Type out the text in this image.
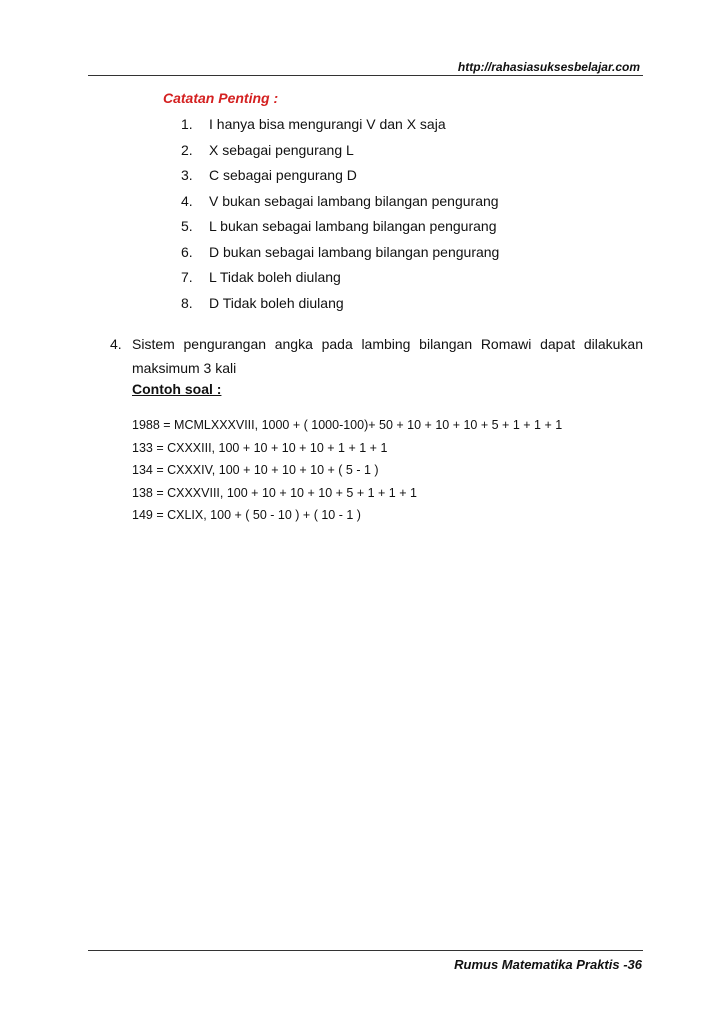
http://rahasiasuksesbelajar.com
Catatan Penting :
1. I hanya bisa mengurangi V dan X saja
2. X sebagai pengurang L
3. C sebagai pengurang D
4. V bukan sebagai lambang bilangan pengurang
5. L bukan sebagai lambang bilangan pengurang
6. D bukan sebagai lambang bilangan pengurang
7. L Tidak boleh diulang
8. D Tidak boleh diulang
4. Sistem pengurangan angka pada lambing bilangan Romawi dapat dilakukan maksimum 3 kali
Contoh soal :
1988 = MCMLXXXVIII, 1000 + ( 1000-100)+ 50 + 10 + 10 + 10 + 5 + 1 + 1 + 1
133 = CXXXIII, 100 + 10 + 10 + 10 + 1 + 1 + 1
134 = CXXXIV, 100 + 10 + 10 + 10 + ( 5 - 1 )
138 = CXXXVIII, 100 + 10 + 10 + 10 + 5 + 1 + 1 + 1
149 = CXLIX, 100 + ( 50 - 10 ) + ( 10 - 1 )
Rumus Matematika Praktis -36
